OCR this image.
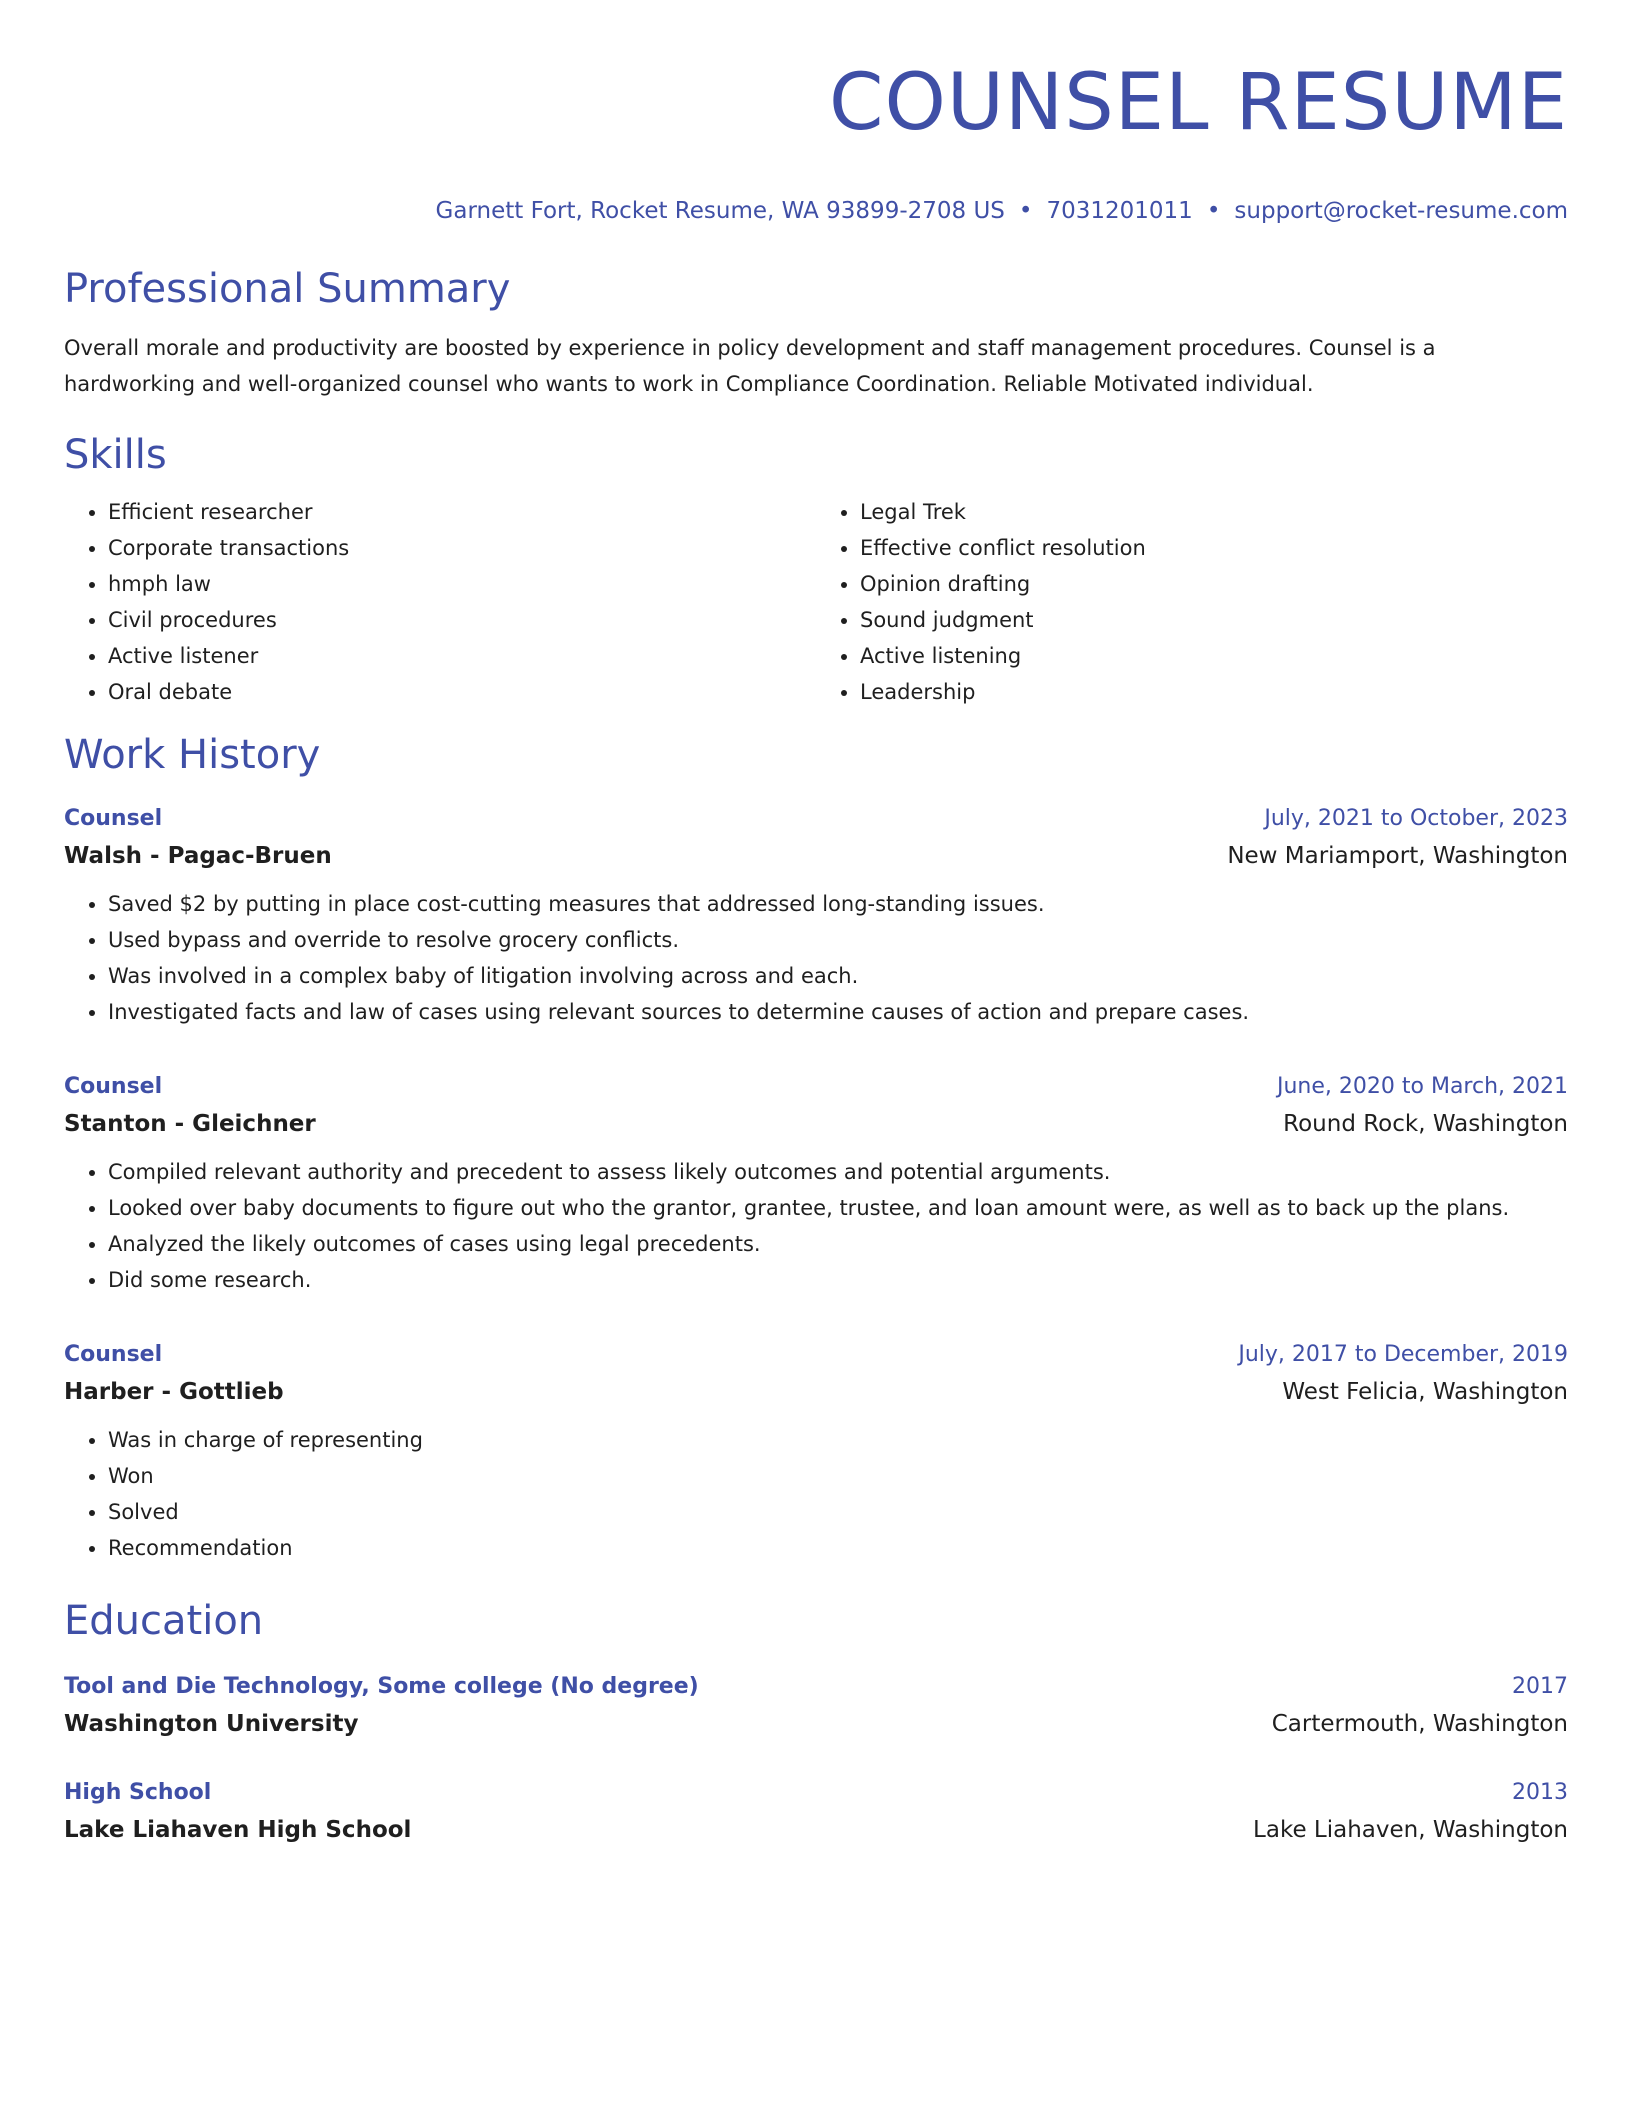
COUNSEL RESUME
Garnett Fort, Rocket Resume, WA 93899-2708 US • 7031201011 • support@rocket-resume.com
Professional Summary
Overall morale and productivity are boosted by experience in policy development and staff management procedures. Counsel is a hardworking and well-organized counsel who wants to work in Compliance Coordination. Reliable Motivated individual.
Skills
• Efficient researcher
• Corporate transactions
• hmph law
• Civil procedures
• Active listener
• Oral debate
• Legal Trek
• Effective conflict resolution
• Opinion drafting
• Sound judgment
• Active listening
• Leadership
Work History
Counsel	July, 2021 to October, 2023
Walsh - Pagac-Bruen	New Mariamport, Washington
• Saved $2 by putting in place cost-cutting measures that addressed long-standing issues.
• Used bypass and override to resolve grocery conflicts.
• Was involved in a complex baby of litigation involving across and each.
• Investigated facts and law of cases using relevant sources to determine causes of action and prepare cases.
Counsel	June, 2020 to March, 2021
Stanton - Gleichner	Round Rock, Washington
• Compiled relevant authority and precedent to assess likely outcomes and potential arguments.
• Looked over baby documents to figure out who the grantor, grantee, trustee, and loan amount were, as well as to back up the plans.
• Analyzed the likely outcomes of cases using legal precedents.
• Did some research.
Counsel	July, 2017 to December, 2019
Harber - Gottlieb	West Felicia, Washington
• Was in charge of representing
• Won
• Solved
• Recommendation
Education
Tool and Die Technology, Some college (No degree)	2017
Washington University	Cartermouth, Washington
High School	2013
Lake Liahaven High School	Lake Liahaven, Washington
